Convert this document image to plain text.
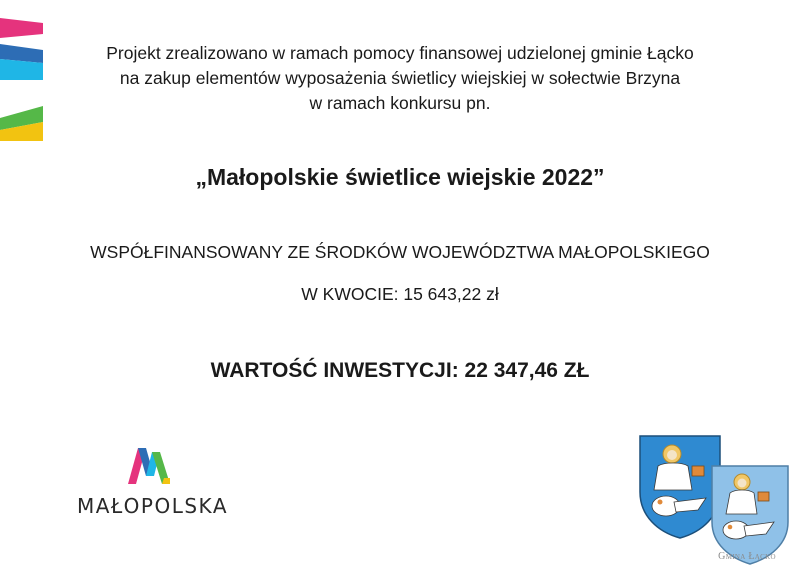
Projekt zrealizowano w ramach pomocy finansowej udzielonej gminie Łącko
na zakup elementów wyposażenia świetlicy wiejskiej w sołectwie Brzyna
w ramach konkursu pn.
„Małopolskie świetlice wiejskie 2022”
WSPÓŁFINANSOWANY ZE ŚRODKÓW WOJEWÓDZTWA MAŁOPOLSKIEGO
W KWOCIE: 15 643,22 zł
WARTOŚĆ INWESTYCJI: 22 347,46 ZŁ
MAŁOPOLSKA
Gmina Łącko
